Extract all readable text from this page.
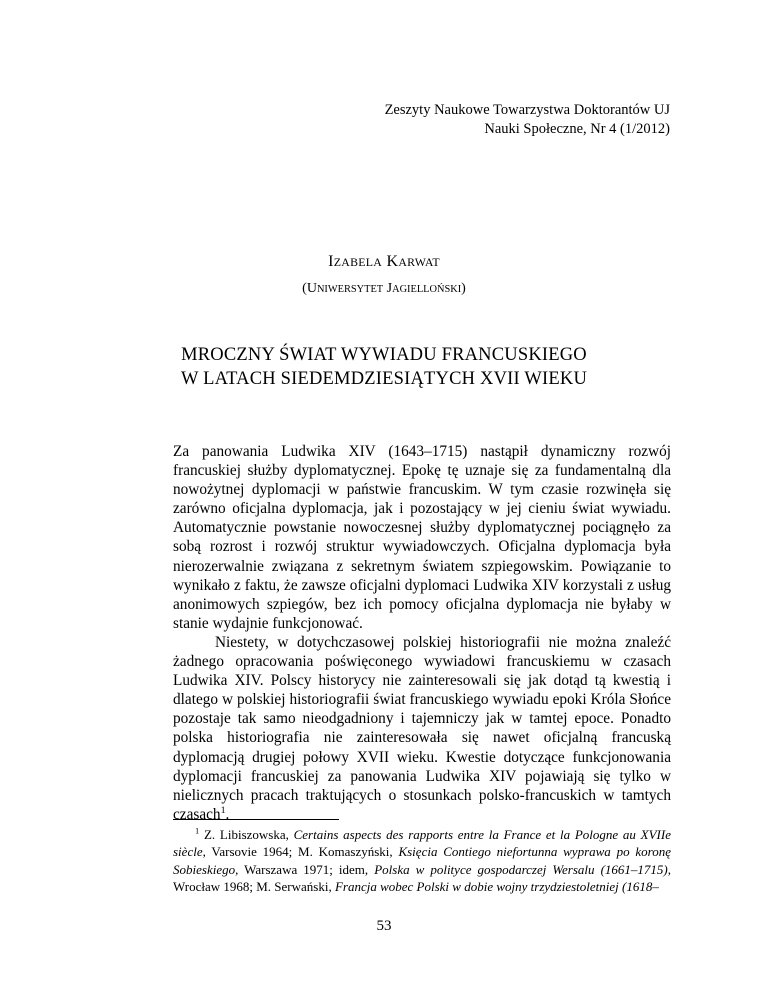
Zeszyty Naukowe Towarzystwa Doktorantów UJ
Nauki Społeczne, Nr 4 (1/2012)
IZABELA KARWAT
(UNIWERSYTET JAGIELLOŃSKI)
MROCZNY ŚWIAT WYWIADU FRANCUSKIEGO
W LATACH SIEDEMDZIESIĄTYCH XVII WIEKU

Za panowania Ludwika XIV (1643–1715) nastąpił dynamiczny rozwój francuskiej służby dyplomatycznej. Epokę tę uznaje się za fundamentalną dla nowożytnej dyplomacji w państwie francuskim. W tym czasie rozwinęła się zarówno oficjalna dyplomacja, jak i pozostający w jej cieniu świat wywiadu. Automatycznie powstanie nowoczesnej służby dyplomatycznej pociągnęło za sobą rozrost i rozwój struktur wywiadowczych. Oficjalna dyplomacja była nierozerwalnie związana z sekretnym światem szpiegowskim. Powiązanie to wynikało z faktu, że zawsze oficjalni dyplomaci Ludwika XIV korzystali z usług anonimowych szpiegów, bez ich pomocy oficjalna dyplomacja nie byłaby w stanie wydajnie funkcjonować.

Niestety, w dotychczasowej polskiej historiografii nie można znaleźć żadnego opracowania poświęconego wywiadowi francuskiemu w czasach Ludwika XIV. Polscy historycy nie zainteresowali się jak dotąd tą kwestią i dlatego w polskiej historiografii świat francuskiego wywiadu epoki Króla Słońce pozostaje tak samo nieodgadniony i tajemniczy jak w tamtej epoce. Ponadto polska historiografia nie zainteresowała się nawet oficjalną francuską dyplomacją drugiej połowy XVII wieku. Kwestie dotyczące funkcjonowania dyplomacji francuskiej za panowania Ludwika XIV pojawiają się tylko w nielicznych pracach traktujących o stosunkach polsko-francuskich w tamtych czasach$^1$.

$^1$ Z. Libiszowska, Certains aspects des rapports entre la France et la Pologne au XVIIe siècle, Varsovie 1964; M. Komaszyński, Księcia Contiego niefortunna wyprawa po koronę Sobieskiego, Warszawa 1971; idem, Polska w polityce gospodarczej Wersalu (1661–1715), Wrocław 1968; M. Serwański, Francja wobec Polski w dobie wojny trzydziestoletniej (1618–

53
